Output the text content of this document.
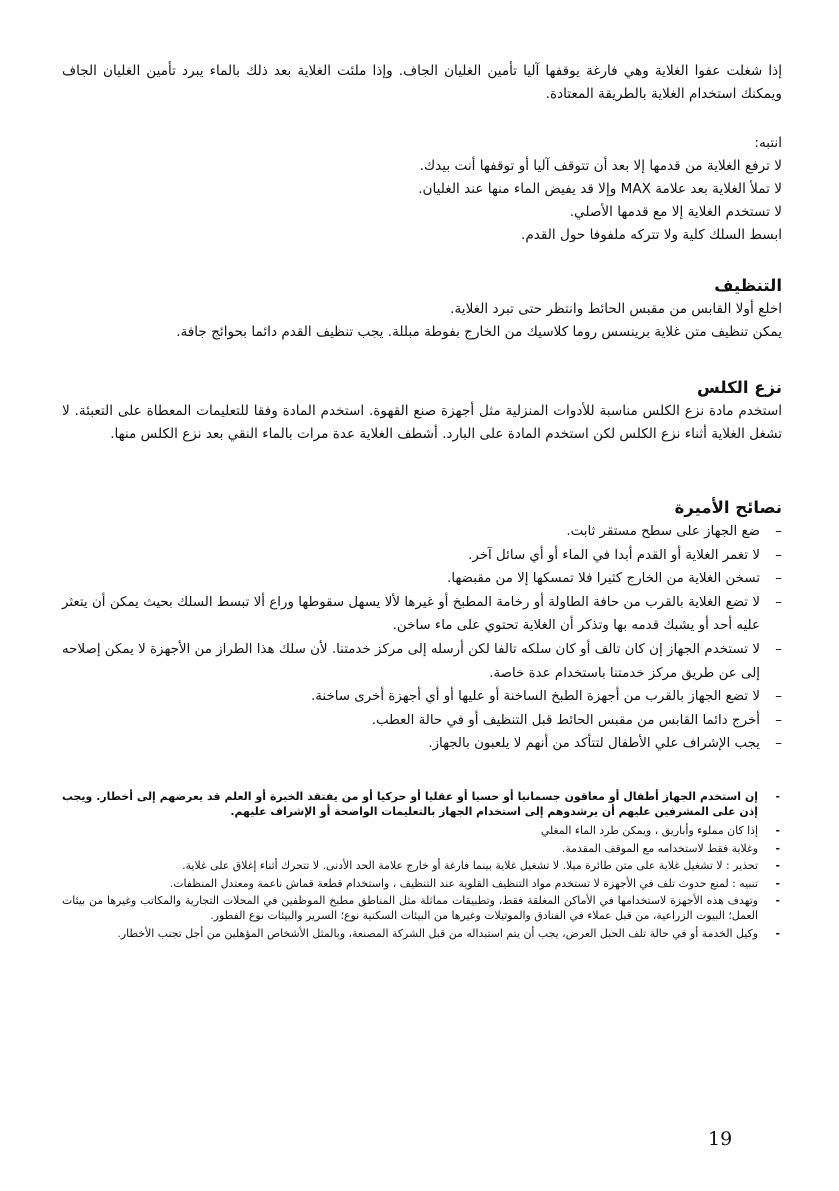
إذا شغلت عفوا الغلاية وهي فارغة يوقفها آليا تأمين الغليان الجاف. وإذا ملئت الغلاية بعد ذلك بالماء يبرد تأمين الغليان الجاف ويمكنك استخدام الغلاية بالطريقة المعتادة.

انتبه:
لا ترفع الغلاية من قدمها إلا بعد أن تتوقف آليا أو توقفها أنت بيدك.
لا تملأ الغلاية بعد علامة MAX وإلا قد يفيض الماء منها عند الغليان.
لا تستخدم الغلاية إلا مع قدمها الأصلي.
ابسط السلك كلية ولا تتركه ملفوفا حول القدم.
التنظيف
اخلع أولا القابس من مقبس الحائط وانتظر حتى تبرد الغلاية.
يمكن تنظيف متن غلاية برينسس روما كلاسيك من الخارج بفوطة مبللة. يجب تنظيف القدم دائما بحوائج جافة.
نزع الكلس

استخدم مادة نزع الكلس مناسبة للأدوات المنزلية مثل أجهزة صنع القهوة. استخدم المادة وفقا للتعليمات المعطاة على التعبئة. لا تشغل الغلاية أثناء نزع الكلس لكن استخدم المادة على البارد. أشطف الغلاية عدة مرات بالماء النقي بعد نزع الكلس منها.

نصائح الأميرة
– ضع الجهاز على سطح مستقر ثابت.
– لا تغمر الغلاية أو القدم أبدا في الماء أو أي سائل آخر.
– تسخن الغلاية من الخارج كثيرا فلا تمسكها إلا من مقبضها.
– لا تضع الغلاية بالقرب من حافة الطاولة أو رخامة المطبخ أو غيرها لألا يسهل سقوطها وراع ألا تبسط السلك بحيث يمكن أن يتعثر عليه أحد أو يشبك قدمه بها وتذكر أن الغلاية تحتوي على ماء ساخن.
– لا تستخدم الجهاز إن كان تالف أو كان سلكه تالفا لكن أرسله إلى مركز خدمتنا. لأن سلك هذا الطراز من الأجهزة لا يمكن إصلاحه إلى عن طريق مركز خدمتنا باستخدام عدة خاصة.
– لا تضع الجهاز بالقرب من أجهزة الطبخ الساخنة أو عليها أو أي أجهزة أخرى ساخنة.
– أخرج دائما القابس من مقبس الحائط قبل التنظيف أو في حالة العطب.
– يجب الإشراف علي الأطفال لتتأكد من أنهم لا يلعبون بالجهاز.
- إن استخدم الجهاز أطفال أو معاقون جسمانيا أو حسيا أو عقليا أو حركيا أو من يفتقد الخبرة أو العلم قد يعرضهم إلى أخطار. ويجب إذن على المشرفين عليهم أن يرشدوهم إلى استخدام الجهاز بالتعليمات الواضحة أو الإشراف عليهم.
- إذا كان مملوء وأباريق ، ويمكن طرد الماء المغلي
- وغلاية فقط لاستخدامه مع الموقف المقدمة.
- تحذير : لا تشغيل غلاية على متن طائرة ميلا. لا تشغيل غلاية بينما فارغة أو خارج علامة الحد الأدنى. لا تتحرك أثناء إغلاق على غلاية.
- تنبيه : لمنع حدوث تلف في الأجهزة لا تستخدم مواد التنظيف القلوية عند التنظيف ، واستخدام قطعة قماش ناعمة ومعتدل المنظفات.
- وتهدف هذه الأجهزة لاستخدامها في الأماكن المغلقة فقط، وتطبيقات مماثلة مثل المناطق مطبخ الموظفين في المحلات التجارية والمكاتب وغيرها من بيئات العمل؛ البيوت الزراعية، من قبل عملاء في الفنادق والموتيلات وغيرها من البيئات السكنية نوع؛ السرير والبيئات نوع الفطور.
- وكيل الخدمة أو في حالة تلف الحبل العرض، يجب أن يتم استبداله من قبل الشركة المصنعة، وبالمثل الأشخاص المؤهلين من أجل تجنب الأخطار.
19
